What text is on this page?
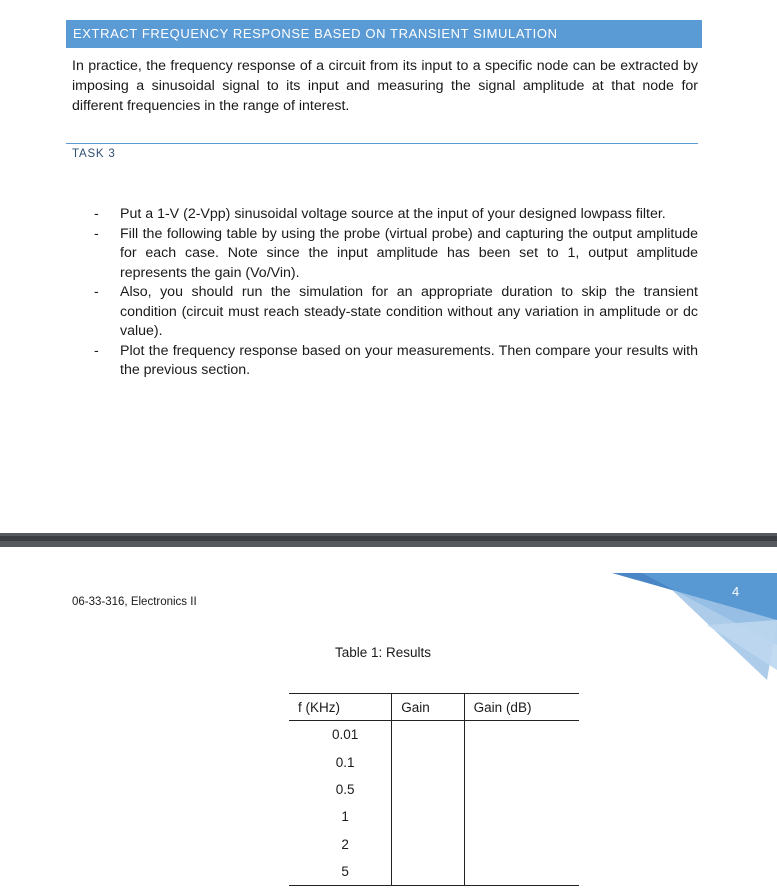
EXTRACT FREQUENCY RESPONSE BASED ON TRANSIENT SIMULATION

In practice, the frequency response of a circuit from its input to a specific node can be extracted by imposing a sinusoidal signal to its input and measuring the signal amplitude at that node for different frequencies in the range of interest.

TASK 3
- Put a 1-V (2-Vpp) sinusoidal voltage source at the input of your designed lowpass filter.
- Fill the following table by using the probe (virtual probe) and capturing the output amplitude for each case. Note since the input amplitude has been set to 1, output amplitude represents the gain (Vo/Vin).
- Also, you should run the simulation for an appropriate duration to skip the transient condition (circuit must reach steady-state condition without any variation in amplitude or dc value).
- Plot the frequency response based on your measurements. Then compare your results with the previous section.
06-33-316, Electronics II
4
Table 1: Results
f (KHz)	Gain	Gain (dB)
0.01		
0.1		
0.5		
1		
2		
5		
